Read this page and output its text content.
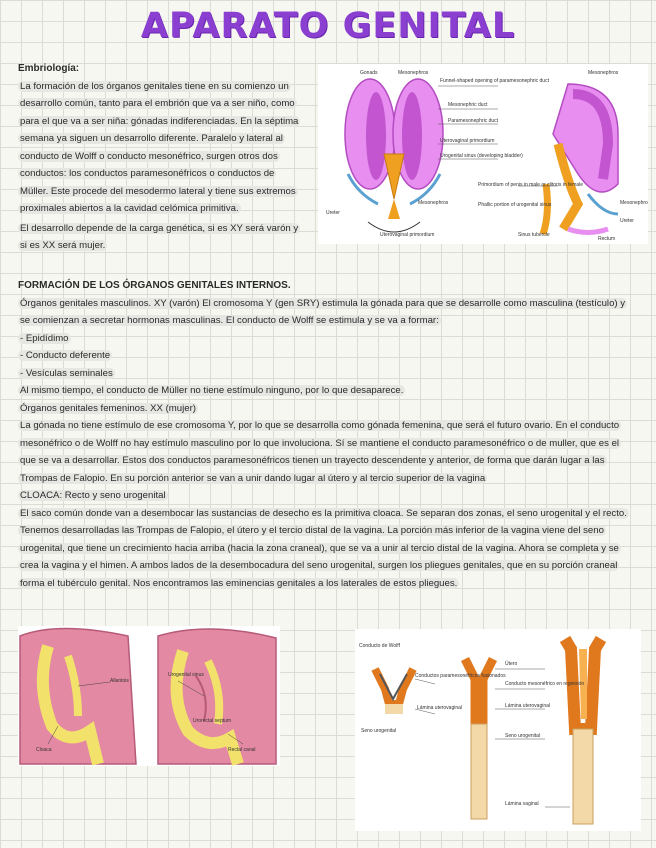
APARATO GENITAL

Embriología:

La formación de los órganos genitales tiene en su comienzo un desarrollo común, tanto para el embrión que va a ser niño, como para el que va a ser niña: gónadas indiferenciadas. En la séptima semana ya siguen un desarrollo diferente. Paralelo y lateral al conducto de Wolff o conducto mesonéfrico, surgen otros dos conductos: los conductos paramesonéfricos o conductos de Müller. Este procede del mesodermo lateral y tiene sus extremos proximales abiertos a la cavidad celómica primitiva.

El desarrollo depende de la carga genética, si es XY será varón y si es XX será mujer.

Gonads	Mesonephros
Funnel-shaped opening of paramesonephric duct
Mesonephric duct
Paramesonephric duct
Uterovaginal primordium
Urogenital sinus (developing bladder)
Primordium of penis in male or clitoris in female
Phallic portion of urogenital sinus
Mesonephros
Ureter
Uterovaginal primordium	Sinus tubercle
Rectum
Mesonephros	Mesonephros
Ureter

FORMACIÓN DE LOS ÓRGANOS GENITALES INTERNOS.

Órganos genitales masculinos. XY (varón) El cromosoma Y (gen SRY) estimula la gónada para que se desarrolle como masculina (testículo) y se comienzan a secretar hormonas masculinas. El conducto de Wolff se estimula y se va a formar:

- Epidídimo

- Conducto deferente

- Vesículas seminales

Al mismo tiempo, el conducto de Müller no tiene estímulo ninguno, por lo que desaparece.

Órganos genitales femeninos. XX (mujer)

La gónada no tiene estímulo de ese cromosoma Y, por lo que se desarrolla como gónada femenina, que será el futuro ovario. En el conducto mesonéfrico o de Wolff no hay estímulo masculino por lo que involuciona. Sí se mantiene el conducto paramesonéfrico o de muller, que es el que se va a desarrollar. Estos dos conductos paramesonéfricos tienen un trayecto descendente y anterior, de forma que darán lugar a las Trompas de Falopio. En su porción anterior se van a unir dando lugar al útero y al tercio superior de la vagina

CLOACA: Recto y seno urogenital

El saco común donde van a desembocar las sustancias de desecho es la primitiva cloaca. Se separan dos zonas, el seno urogenital y el recto. Tenemos desarrolladas las Trompas de Falopio, el útero y el tercio distal de la vagina. La porción más inferior de la vagina viene del seno urogenital, que tiene un crecimiento hacia arriba (hacia la zona craneal), que se va a unir al tercio distal de la vagina. Ahora se completa y se crea la vagina y el himen. A ambos lados de la desembocadura del seno urogenital, surgen los pliegues genitales, que en su porción craneal forma el tubérculo genital. Nos encontramos las eminencias genitales a los laterales de estos pliegues.

Allantois
Cloaca
Urogenital sinus
Rectal canal
Urorectal septum
Conducto de Wolff
Conductos paramesonéfricos fusionados
Lámina uterovaginal
Seno urogenital
Útero
Conducto mesonéfrico en regresión
Lámina uterovaginal
Seno urogenital
Lámina vaginal
